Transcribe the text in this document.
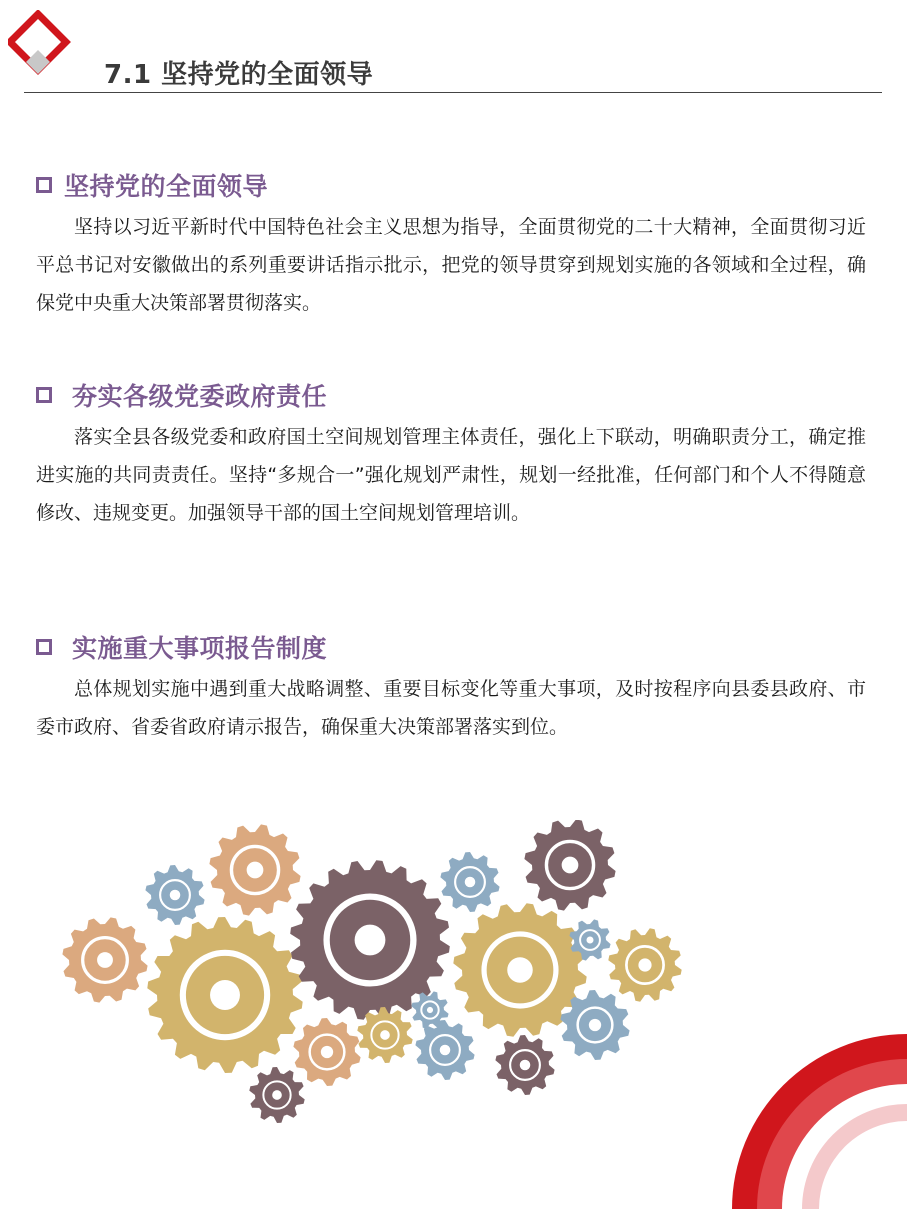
7.1 坚持党的全面领导
坚持党的全面领导
坚持以习近平新时代中国特色社会主义思想为指导，全面贯彻党的二十大精神，全面贯彻习近平总书记对安徽做出的系列重要讲话指示批示，把党的领导贯穿到规划实施的各领域和全过程，确保党中央重大决策部署贯彻落实。
夯实各级党委政府责任
落实全县各级党委和政府国土空间规划管理主体责任，强化上下联动，明确职责分工，确定推进实施的共同责责任。坚持“多规合一”强化规划严肃性，规划一经批准，任何部门和个人不得随意修改、违规变更。加强领导干部的国土空间规划管理培训。
实施重大事项报告制度
总体规划实施中遇到重大战略调整、重要目标变化等重大事项，及时按程序向县委县政府、市委市政府、省委省政府请示报告，确保重大决策部署落实到位。
